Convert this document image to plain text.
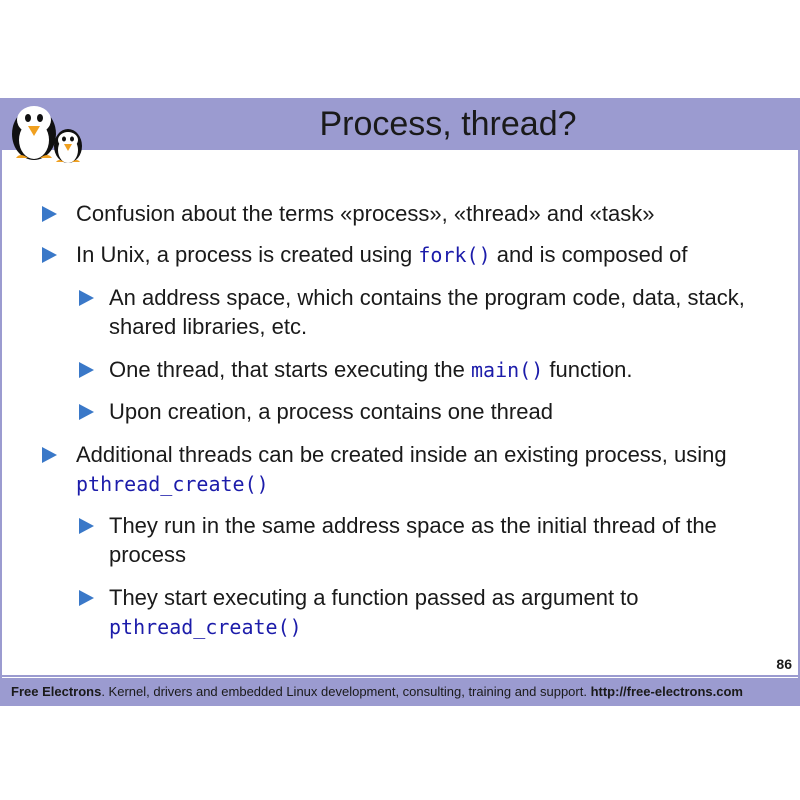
Process, thread?
Confusion about the terms «process», «thread» and «task»
In Unix, a process is created using fork() and is composed of
An address space, which contains the program code, data, stack, shared libraries, etc.
One thread, that starts executing the main() function.
Upon creation, a process contains one thread
Additional threads can be created inside an existing process, using pthread_create()
They run in the same address space as the initial thread of the process
They start executing a function passed as argument to pthread_create()
86
Free Electrons. Kernel, drivers and embedded Linux development, consulting, training and support. http://free-electrons.com
